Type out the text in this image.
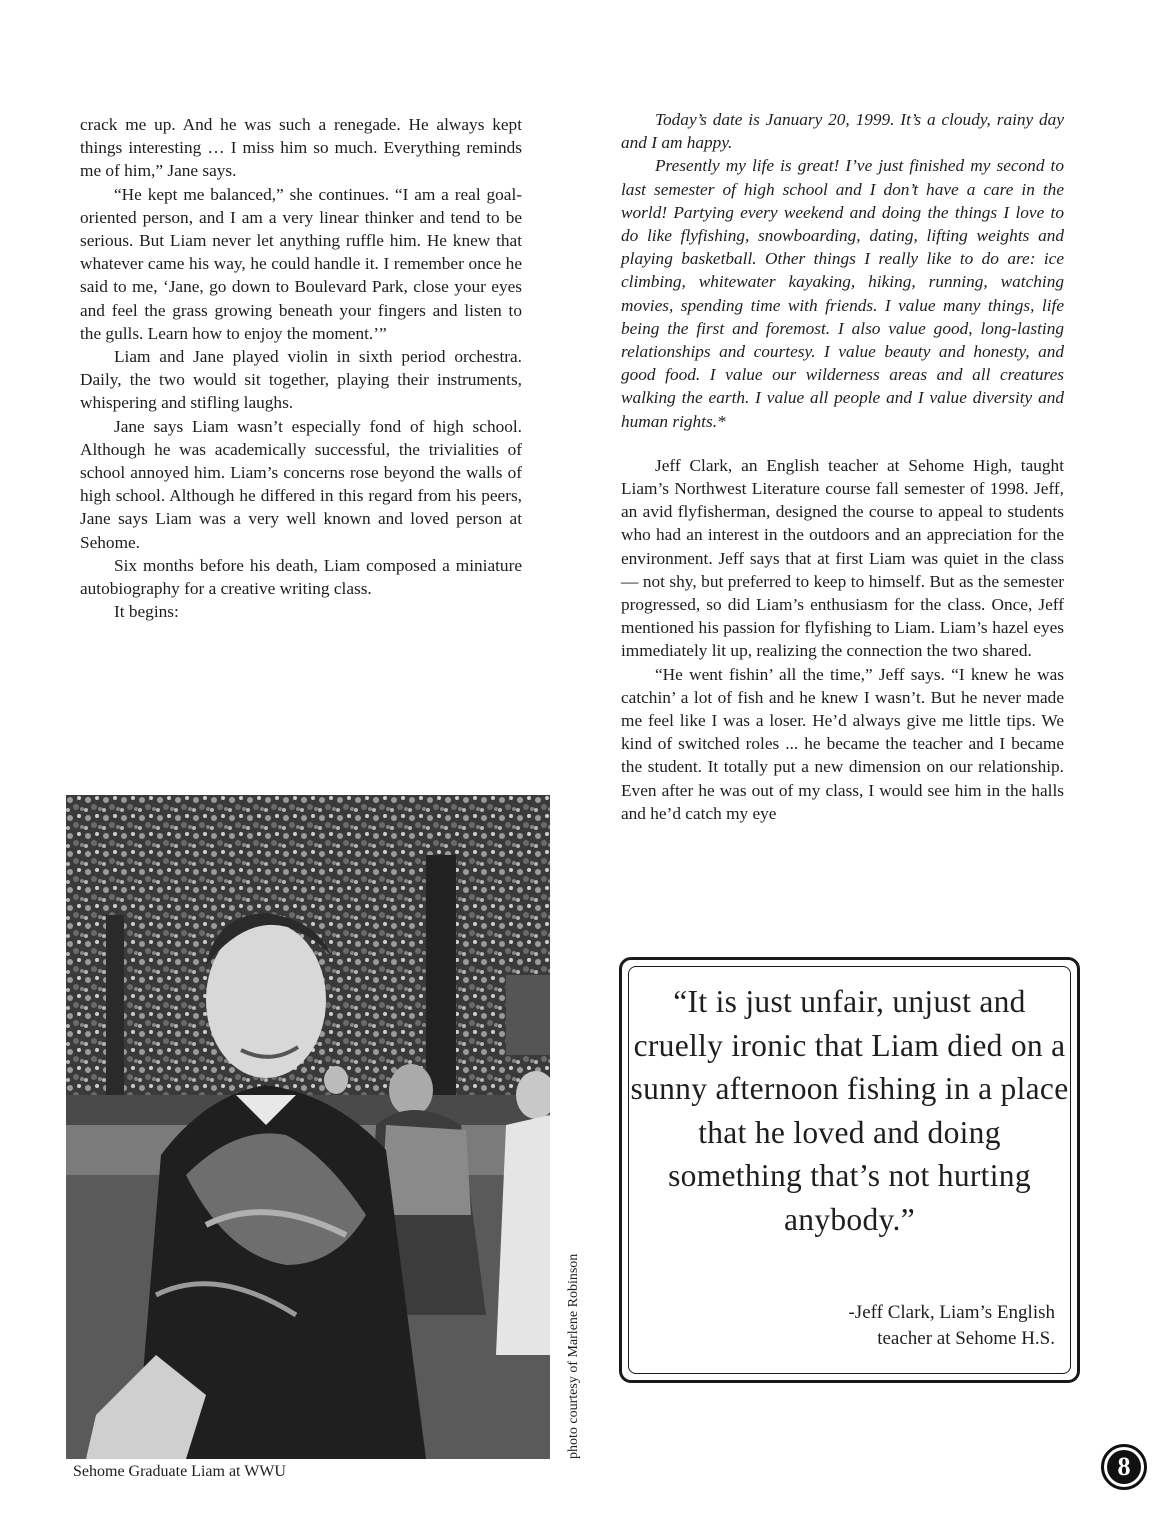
crack me up. And he was such a renegade. He always kept things interesting … I miss him so much. Everything reminds me of him,” Jane says.

“He kept me balanced,” she continues. “I am a real goal-oriented person, and I am a very linear thinker and tend to be serious. But Liam never let anything ruffle him. He knew that whatever came his way, he could handle it. I remember once he said to me, ‘Jane, go down to Boulevard Park, close your eyes and feel the grass growing beneath your fingers and listen to the gulls. Learn how to enjoy the moment.’”

Liam and Jane played violin in sixth period orchestra. Daily, the two would sit together, playing their instruments, whispering and stifling laughs.

Jane says Liam wasn’t especially fond of high school. Although he was academically successful, the trivialities of school annoyed him. Liam’s concerns rose beyond the walls of high school. Although he differed in this regard from his peers, Jane says Liam was a very well known and loved person at Sehome.

Six months before his death, Liam composed a miniature autobiography for a creative writing class.

It begins:

Today’s date is January 20, 1999. It’s a cloudy, rainy day and I am happy.

Presently my life is great! I’ve just finished my second to last semester of high school and I don’t have a care in the world! Partying every weekend and doing the things I love to do like flyfishing, snowboarding, dating, lifting weights and playing basketball. Other things I really like to do are: ice climbing, whitewater kayaking, hiking, running, watching movies, spending time with friends. I value many things, life being the first and foremost. I also value good, long-lasting relationships and courtesy. I value beauty and honesty, and good food. I value our wilderness areas and all creatures walking the earth. I value all people and I value diversity and human rights.*

Jeff Clark, an English teacher at Sehome High, taught Liam’s Northwest Literature course fall semester of 1998. Jeff, an avid flyfisherman, designed the course to appeal to students who had an interest in the outdoors and an appreciation for the environment. Jeff says that at first Liam was quiet in the class — not shy, but preferred to keep to himself. But as the semester progressed, so did Liam’s enthusiasm for the class. Once, Jeff mentioned his passion for flyfishing to Liam. Liam’s hazel eyes immediately lit up, realizing the connection the two shared.

“He went fishin’ all the time,” Jeff says. “I knew he was catchin’ a lot of fish and he knew I wasn’t. But he never made me feel like I was a loser. He’d always give me little tips. We kind of switched roles ... he became the teacher and I became the student. It totally put a new dimension on our relationship. Even after he was out of my class, I would see him in the halls and he’d catch my eye

Sehome Graduate Liam at WWU
photo courtesy of Marlene Robinson
“It is just unfair, unjust and cruelly ironic that Liam died on a sunny afternoon fishing in a place that he loved and doing something that’s not hurting anybody.”
-Jeff Clark, Liam’s English
teacher at Sehome H.S.
8
